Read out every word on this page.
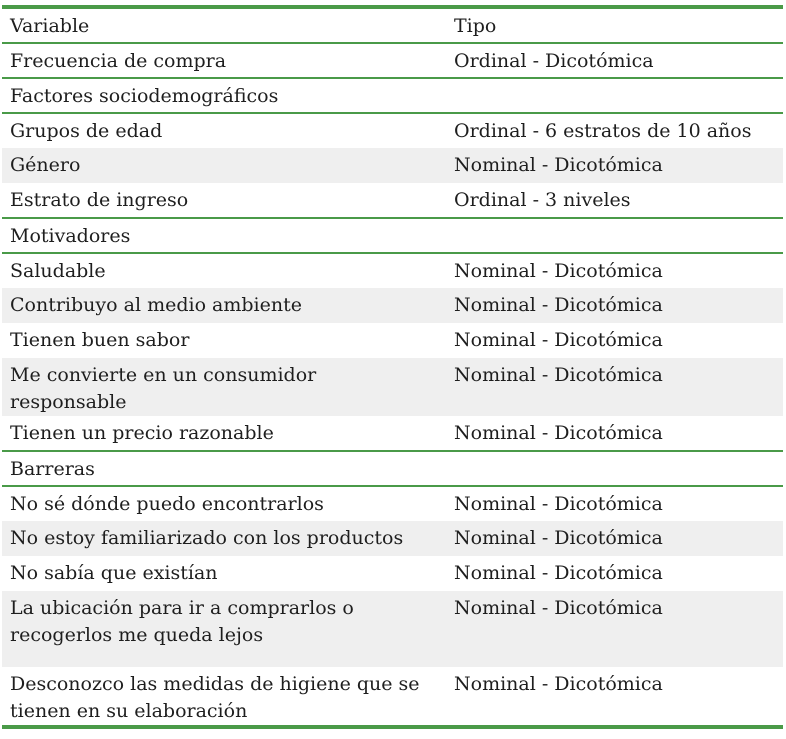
Variable	Tipo
Frecuencia de compra	Ordinal - Dicotómica
Factores sociodemográficos	
Grupos de edad	Ordinal - 6 estratos de 10 años
Género	Nominal - Dicotómica
Estrato de ingreso	Ordinal - 3 niveles
Motivadores	
Saludable	Nominal - Dicotómica
Contribuyo al medio ambiente	Nominal - Dicotómica
Tienen buen sabor	Nominal - Dicotómica
Me convierte en un consumidor responsable	Nominal - Dicotómica
Tienen un precio razonable	Nominal - Dicotómica
Barreras	
No sé dónde puedo encontrarlos	Nominal - Dicotómica
No estoy familiarizado con los productos	Nominal - Dicotómica
No sabía que existían	Nominal - Dicotómica
La ubicación para ir a comprarlos o recogerlos me queda lejos	Nominal - Dicotómica
Desconozco las medidas de higiene que se tienen en su elaboración	Nominal - Dicotómica
